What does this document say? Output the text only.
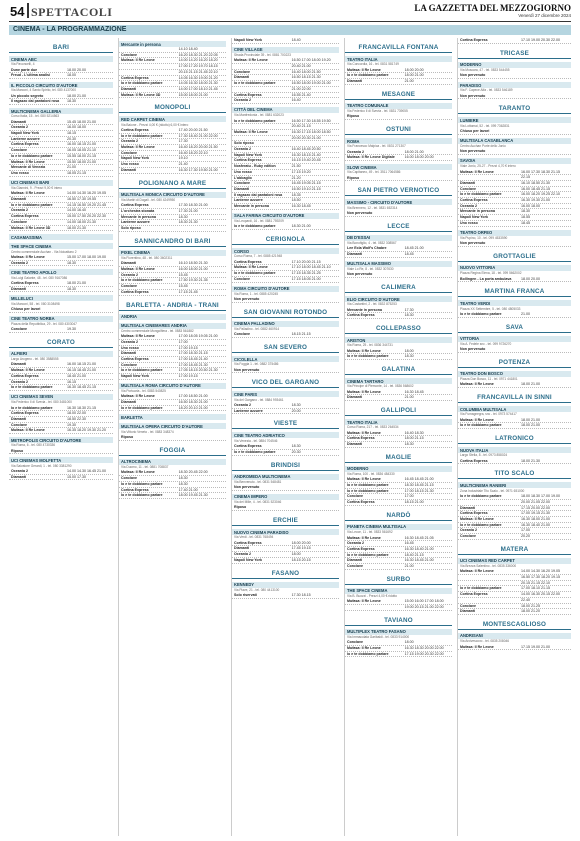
54 SPETTACOLI	LA GAZZETTA DEL MEZZOGIORNO
Venerdì 27 dicembre 2024
CINEMA - LA PROGRAMMAZIONE
BARI
CINEMA ABC
Via Pavoncelli, 4
Dune parte due	18.00 20.00
Freud - L'ultima analisi	18.00
IL PICCOLO CIRCUITO D'AUTORE
Via Marconi, 4 Santo Spirito, tel. 080 4137000
Un piccolo segreto	18.00 21.00
Il ragazzo dai pantaloni rosa	18.30
MULTICINEMA GALLERIA
Corso Italia, 15 - tel. 080 5214563
Diamanti	15.45 18.00 21.00
Oceania 2	16.00 18.00
Napoli New York	18.15
Lanterne azzurre	20.30
Cortina Express	16.00 18.15 21.00
Conclave	16.05 18.05 21.10
Io e te dobbiamo parlare	15.55 18.00 21.15
Mufasa: Il Re Leone	15.50 18.00 21.00
Mercante di Venezia	21.00
Uno rosso	18.05 21.15
UCI CINEMAS BARI
Via Giannini, 9 - Prezzi 9,00 € intero
Mufasa: Il Re Leone	14.00 14.30 16.20 19.05
Diamanti	16.50 17.30 19.55
Io e te dobbiamo parlare	14.15 16.50 19.20 21.45
Oceania 2	14.00 16.40
Cortina Express	15.00 17.50 20.20 22.30
Conclave	14.00 18.00 21.30
Mufasa: Il Re Leone 3D	18.00 21.30
CASAMASSIMA
THE SPACE CINEMA
Centro commerciale Auchan - Via Noicattaro 2
Mufasa: Il Re Leone	15.00 17.00 18.00 19.00
Oceania 2	18.30
CINE TEATRO APOLLO
Via Luigi Galante, 48 - tel. 080 9167086
Cortina Express	18.00 21.00
Diamanti	18.30
MILLELUCI
Via Marconi, 58 - tel. 080 3108498
Chiuso per lavori
CINE TEATRO NORBA
Piazza della Repubblica, 29 - tel. 080 4303047
Conclave	19.30
CORATO
ALFIERI
Largo Arogeno - tel. 080 3588555
Diamanti	16.00 18.15 21.00
Mufasa: Il Re Leone	16.15 18.45 21.00
Cortina Express	18.40 21.00
Oceania 2	16.15
Io e te dobbiamo parlare	16.30 18.45 21.15
UCI CINEMAS SEVEN
Via Federico II di Svevia - tel. 080 3481000
Io e te dobbiamo parlare	16.30 18.30 21.15
Cortina Express	18.00 22.00
Diamanti	18.50 22.30
Conclave	19.30
Mufasa: Il Re Leone	16.35 18.20 19.30 21.20
METROPOLIS CIRCUITO D'AUTORE
Via Roma, 6 - tel. 080 4730336
Riposo
UCI CINEMAS MOLFETTA
Via Salvatore Gerardi, 1 - tel. 080 3381290
Oceania 2	14.00 14.30 16.45 21.00
Diamanti	15.00 17.30
Mercante in persona
14.10 18.40
Conclave	16.20 18.30 21.20 22.05
Mufasa: Il Re Leone	14.00 14.20 16.20 18.20
17.00 17.20 19.70 18.15
20.15 21.15 21.45 22.10
Cortina Express	14.05 16.30 19.00 21.20
Io e te dobbiamo parlare	14.05 16.30 18.00 21.30
Diamanti	14.00 17.00 18.10 21.45
Mufasa: Il Re Leone 3D	15.00 18.00 21.00
MONOPOLI
RED CARPET CINEMA
Via Baione - Prezzi 4,00 € (ridotto) 6,00 € intero
Cortina Express	17.40 20.00 21.50
Io e te dobbiamo parlare	17.30 18.40 21.00 22.00
Oceania 2	17.30
Mufasa: Il Re Leone	16.40 18.20 20.00 21.50
Conclave	16.40 18.20 22.10
Napoli New York	19.10
Uno rosso	21.40
Diamanti	16.30 17.30 19.50 21.00
POLIGNANO A MARE
MULTISALA MONICA CIRCUITO D'AUTORE
Via Martiri di Dogali - tel. 080 4249950
Cortina Express	17.30 18.30 21.00
L'orchestra stonata	17.30 21.00
Mercante in persona	18.30
Lanterne azzurre	18.30 21.30
Solo riposo
SANNICANDRO DI BARI
PIXEL CINEMA
Via Fiorentino, 48 - tel. 080 3602311
Diamanti	16.10 18.50 21.30
Mufasa: Il Re Leone	16.00 18.00 21.00
Oceania 2	15.45
Io e te dobbiamo parlare	17.50 19.30 21.35
Conclave	15.45
Cortina Express	17.15 21.45
BARLETTA - ANDRIA - TRANI
ANDRIA
MULTISALA CINEMARES ANDRIA
Centro commerciale Mongolfiera - tel. 0883 561882
Mufasa: Il Re Leone	17.00 18.05 19.05 21.00
Oceania 2	17.00
Uno rosso	17.00 19.15
Diamanti	17.00 18.30 21.15
Cortina Express	17.00 18.45 21.40
Conclave	17.00 18.45 21.30
Io e te dobbiamo parlare	17.05 18.15 20.50 21.30
Napoli New York	17.00 19.15
MULTISALA ROMA CIRCUITO D'AUTORE
Via Portuaria - tel. 0883 540825
Mufasa: Il Re Leone	17.00 18.50 21.00
Diamanti	16.50 18.30 21.00
Io e te dobbiamo parlare	18.20 20.10 21.00
BARLETTA
MULTISALA OPERA CIRCUITO D'AUTORE
Via Vittorio Veneto - tel. 0883 348374
Riposo
FOGGIA
ALTROCINEMA
Via Duomo, 11 - tel. 0881 708837
Mufasa: Il Re Leone	18.30 20.45 22.00
Conclave	18.30
Io e te dobbiamo parlare	18.30
Cortina Express	17.40 21.00
Io e te dobbiamo parlare	18.00 19.45 21.30
Napoli New York	18.40
CINE VILLAGE
Strada Provinciale 39 - tel. 0881 700223
Mufasa: Il Re Leone	16.50 17.00 18.00 19.20
20.40 21.00
Conclave	16.40 18.00 21.50
Diamanti	16.50 18.15 21.30
Io e te dobbiamo parlare	16.50 18.00 19.00 21.00
21.00 22.00
Cortina Express	16.55 21.40
Oceania 2	16.40
CITTÀ DEL CINEMA
Via Manfredonia - tel. 0881 632023
Io e te dobbiamo parlare	16.50 17.30 18.55 19.50
20.40 21.15
Mufasa: Il Re Leone	16.30 17.15 18.00 18.50
20.00 20.30 21.00
Solo riposo
Oceania 2	16.40 18.45 20.50
Napoli New York	16.30 18.15 21.40
Cortina Express	16.15 19.40 20.45
Nosferatu - Ruby edition	21.50
Uno rosso	17.15 19.20
L'abbaglio	21.20
Conclave	16.45 19.05 21.15
Diamanti	16.50 19.10 21.15
Il ragazzo dai pantaloni rosa	18.35
Lanterne azzurre	18.50
Mercante in persona	16.30 18.45
SALA FARINA CIRCUITO D'AUTORE
Via Leopardi, 16 - tel. 0881 759209
Io e te dobbiamo parlare	18.30 21.00
CERIGNOLA
CORSO
Corso Roma, 7 - tel. 0885 421948
Cortina Express	17.10 20.00 21.15
Mufasa: Il Re Leone	17.10 18.00 18.45 21.10
Io e te dobbiamo parlare	17.15 18.35 21.25
Conclave	17.15 18.05 21.00
ROMA CIRCUITO D'AUTORE
Via Roma, 1 - tel. 0885 420245
Non pervenuto
SAN GIOVANNI ROTONDO
CINEMA PALLADINO
Via Palladino - tel. 0882 460914
Conclave	18.15 21.15
SAN SEVERO
CICOLELLA
Via Foggia 1 - tel. 0882 375486
Non pervenuto
VICO DEL GARGANO
CINE PARIS
Via del Gargano - tel. 0884 993461
Oceania 2	18.30
Lanterne azzurre	20.00
VIESTE
CINE TEATRO ADRIATICO
Via Venezia - tel. 0884 704546
Cortina Express	18.30
Io e te dobbiamo parlare	20.30
BRINDISI
ANDROMEDA MULTICINEMA
Via Benvenuto - tel. 0831 548481
Non pervenuto
CINEMA IMPERO
Via dei Mille, 4 - tel. 0831 523046
Riposo
ERCHIE
NUOVO CINEMA PARADISO
Via Verdi - tel. 0831 768494
Cortina Express	18.00 20.00
Diamanti	17.45 19.15
Oceania 2	18.00
Napoli New York	18.15 20.15
FASANO
KENNEDY
Via Piave, 21 - tel. 080 4413100
Solo riservati	17.30 18.15
FRANCAVILLA FONTANA
TEATRO ITALIA
Via Concordia, 16 - tel. 0831 581749
Mufasa: Il Re Leone	18.00 20.00
Io e te dobbiamo parlare	18.00 21.00
Diamanti	21.00
MESAGNE
TEATRO COMUNALE
Via Federico Il di Svevia - tel. 0831 739055
Riposo
OSTUNI
ROMA
Via Francesco Malpica - tel. 0831 271307
Oceania 2	18.00 21.00
Mufasa: Il Re Leone Digitale	16.00 18.00 20.00
SLOW CINEMA
Via Capitaneo, 49 - tel. 3511 7064586
Riposo
SAN PIETRO VERNOTICO
MASSIMO - CIRCUITO D'AUTORE
Via Brennero, 12 - tel. 0831 652314
Non pervenuto
LECCE
DB D'ESSAI
Via Bonofiglio, 4 - tel. 0832 308567
Lee Ecla Wolf's Chabre	18.45 21.00
Diamanti	18.45
MULTISALA MASSIMO
Viale Lo Re, 8 - tel. 0832 307630
Non pervenuto
CALIMERA
ELIO CIRCUITO D'AUTORE
Via Costantini, 2 - tel. 0832 875253
Mercante in persona	17.30
Cortina Express	18.30
COLLEPASSO
ARISTON
Via Roma, 25 - tel. 0836 344731
Mufasa: Il Re Leone	18.00
Io e te dobbiamo parlare	18.30
GALATINA
CINEMA TARTARO
Via Principe di Piemonte, 14 - tel. 0836 568602
Mufasa: Il Re Leone	16.30 18.45
Diamanti	21.00
GALLIPOLI
TEATRO ITALIA
Corso Roma, 217 - tel. 0833 264534
Mufasa: Il Re Leone	16.40 18.30
Cortina Express	18.00 21.15
Diamanti	18.30
MAGLIE
MODERNO
Via Roma, 100 - tel. 0836 484330
Mufasa: Il Re Leone	16.45 18.45 21.00
Io e te dobbiamo parlare	18.30 18.45 21.15
Io e te dobbiamo parlare	17.00 18.15 21.30
Conclave	17.00
Cortina Express	18.15 21.00
NARDÒ
PIANETA CINEMA MULTISALA
Via Lecce, 11 - tel. 0833 561692
Mufasa: Il Re Leone	16.30 18.45 21.05
Oceania 2	16.45
Cortina Express	16.30 18.40 21.00
Io e te dobbiamo parlare	18.40 21.15
Diamanti	16.30 18.45 21.00
Conclave	21.00
SURBO
THE SPACE CINEMA
Via B. Buozzi - Prezzi 4,00 € ridotto
Mufasa: Il Re Leone	15.00 16.00 17.00 18.00
19.00 20.15 21.00 22.00
TAVIANO
MULTIPLEX TEATRO FASANO
Via Immacolata Garibaldi - tel. 0833 914000
Conclave	18.00
Mufasa: Il Re Leone	16.30 18.30 20.00 22.00
Io e te dobbiamo parlare	17.15 19.00 20.30 22.00
Cortina Express	17.10 19.00 20.30 22.00
TRICASE
MODERNO
Via Moscara, 47 - tel. 0833 544455
Non pervenuto
PARADISO
Via F. Capece Alfa - tel. 0833 546189
Non pervenuto
TARANTO
LUMIERE
Via Lottomai, 52 - tel. 099 7362831
Chiuso per lavori
MULTISALA CASABLANCA
Centro Auchan Porte dello Jonio
Non pervenuto
SAVOIA
Viale Jonio, 25-27 - Prezzi 4,70 € intero
Mufasa: Il Re Leone	16.00 17.30 18.30 21.15
22.15
Diamanti	16.10 18.50 21.30
Conclave	16.00 18.45 21.15
Io e te dobbiamo parlare	16.00 18.20 19.25 22.10
Cortina Express	16.30 19.30 21.00
Oceania 2	16.00 18.00
Mercante in persona	18.30
Napoli New York	18.55
Uno rosso	18.45
TEATRO ORFEO
Via Pupino, 10 - tel. 099 4533590
Non pervenuto
GROTTAGLIE
NUOVO VITTORIA
Piazza Regina Elena, 18 - tel. 099 5662002
Bollingen - La porta ambulava	18.00 20.00
MARTINA FRANCA
TEATRO VERDI
Piazza XX Settembre, 5 - tel. 080 4805033
Io e te dobbiamo parlare	21.00
SAVA
VITTORIA
Via A. Fedele snc - tel. 099 9726270
Non pervenuto
POTENZA
TEATRO DON BOSCO
Piazza Don Bosco, 11 - tel. 0971 441801
Mufasa: Il Re Leone	18.00 21.00
FRANCAVILLA IN SINNI
COLUMBIA MULTISALA
Via Fumagnegra, snc - tel. 0973 574417
Mufasa: Il Re Leone	18.00 21.00
Io e te dobbiamo parlare	18.00 21.00
LATRONICO
NUOVA ITALIA
Largo Stella, 8 - tel. 0973 858024
Cortina Express	18.00 21.30
TITO SCALO
MULTICINEMA RANIERI
Zona Industriale Tito Scalo - tel. 0971 651000
Io e te dobbiamo parlare	18.00 18.30 17.00 19.00
20.00 21.05 22.00
Diamanti	17.15 20.00 22.00
Cortina Express	17.00 19.15 21.30
Mufasa: Il Re Leone	16.30 18.00 21.00
Io e te dobbiamo parlare	16.30 18.40 21.00
Oceania 2	17.00
Conclave	20.20
MATERA
UCI CINEMAS RED CARPET
Via Brezza Salentino - tel. 0835 336000
Mufasa: Il Re Leone	14.00 14.30 16.20 19.05
16.50 17.30 18.20 19.15
20.15 21.15 22.10
Io e te dobbiamo parlare	17.00 18.10 21.15
Cortina Express	14.00 16.30 20.15 22.00
22.40
Conclave	18.00 21.25
Diamanti	18.00 21.20
MONTESCAGLIOSO
ANDRISANI
Via Arcivescovo - tel. 0835 208046
Mufasa: Il Re Leone	17.15 19.00 21.00
